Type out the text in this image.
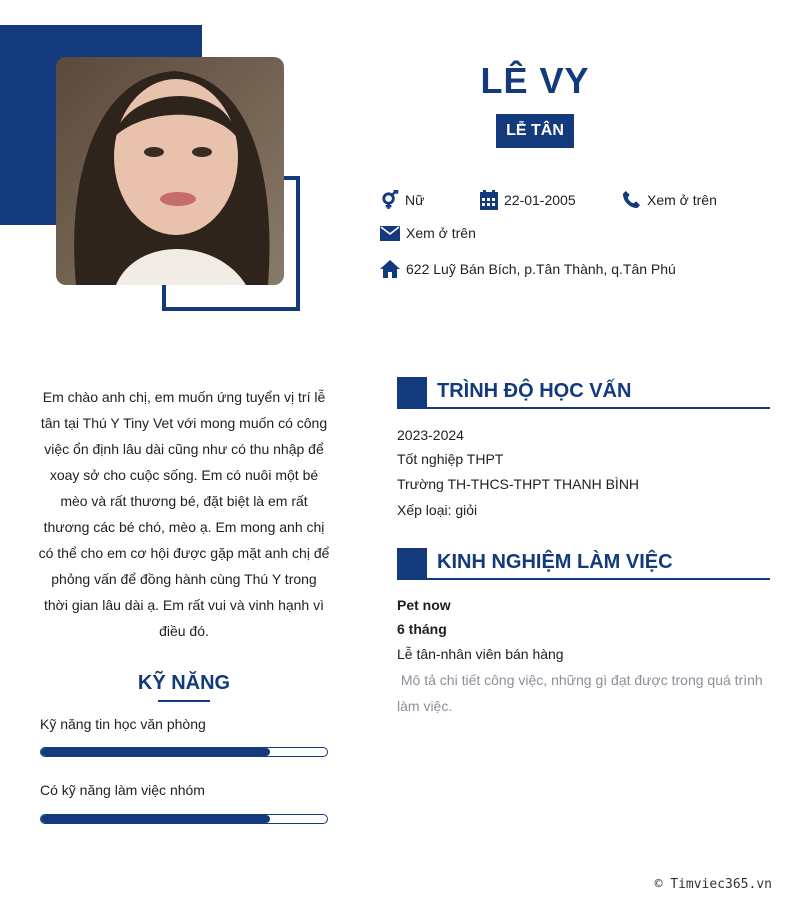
LÊ VY
LỄ TÂN
Nữ	22-01-2005	Xem ở trên
Xem ở trên
622 Luỹ Bán Bích, p.Tân Thành, q.Tân Phú
Em chào anh chị, em muốn ứng tuyển vị trí lễ tân tại Thú Y Tiny Vet với mong muốn có công việc ổn định lâu dài cũng như có thu nhập để xoay sở cho cuộc sống. Em có nuôi một bé mèo và rất thương bé, đặt biệt là em rất thương các bé chó, mèo ạ. Em mong anh chị có thể cho em cơ hội được gặp mặt anh chị để phỏng vấn để đồng hành cùng Thú Y trong thời gian lâu dài ạ. Em rất vui và vinh hạnh vì điều đó.
KỸ NĂNG
Kỹ năng tin học văn phòng
Có kỹ năng làm việc nhóm
TRÌNH ĐỘ HỌC VẤN
2023-2024
Tốt nghiệp THPT
Trường TH-THCS-THPT THANH BÌNH
Xếp loại: giỏi
KINH NGHIỆM LÀM VIỆC
Pet now
6 tháng
Lễ tân-nhân viên bán hàng
Mô tả chi tiết công việc, những gì đạt được trong quá trình làm việc.
© Timviec365.vn
